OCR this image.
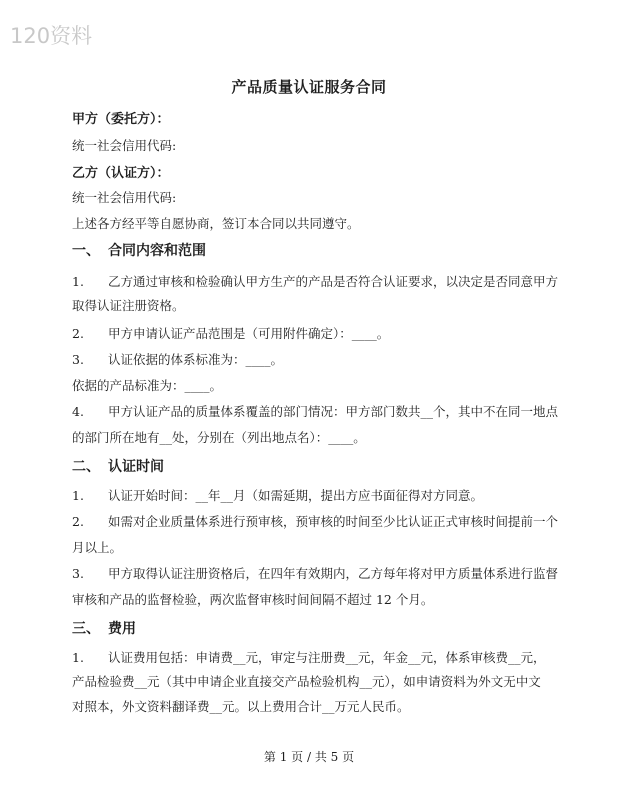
120资料
产品质量认证服务合同
甲方（委托方）：
统一社会信用代码:
乙方（认证方）：
统一社会信用代码:
上述各方经平等自愿协商，签订本合同以共同遵守。
一、 合同内容和范围
1. 乙方通过审核和检验确认甲方生产的产品是否符合认证要求，以决定是否同意甲方
取得认证注册资格。
2. 甲方申请认证产品范围是（可用附件确定）：____。
3. 认证依据的体系标准为：____。
依据的产品标准为：____。
4. 甲方认证产品的质量体系覆盖的部门情况：甲方部门数共__个，其中不在同一地点
的部门所在地有__处，分别在（列出地点名）：____。
二、 认证时间
1. 认证开始时间：__年__月（如需延期，提出方应书面征得对方同意。
2. 如需对企业质量体系进行预审核，预审核的时间至少比认证正式审核时间提前一个
月以上。
3. 甲方取得认证注册资格后，在四年有效期内，乙方每年将对甲方质量体系进行监督
审核和产品的监督检验，两次监督审核时间间隔不超过 12 个月。
三、 费用
1. 认证费用包括：申请费__元，审定与注册费__元，年金__元，体系审核费__元，
产品检验费__元（其中申请企业直接交产品检验机构__元），如申请资料为外文无中文
对照本，外文资料翻译费__元。以上费用合计__万元人民币。
第 1 页 / 共 5 页
